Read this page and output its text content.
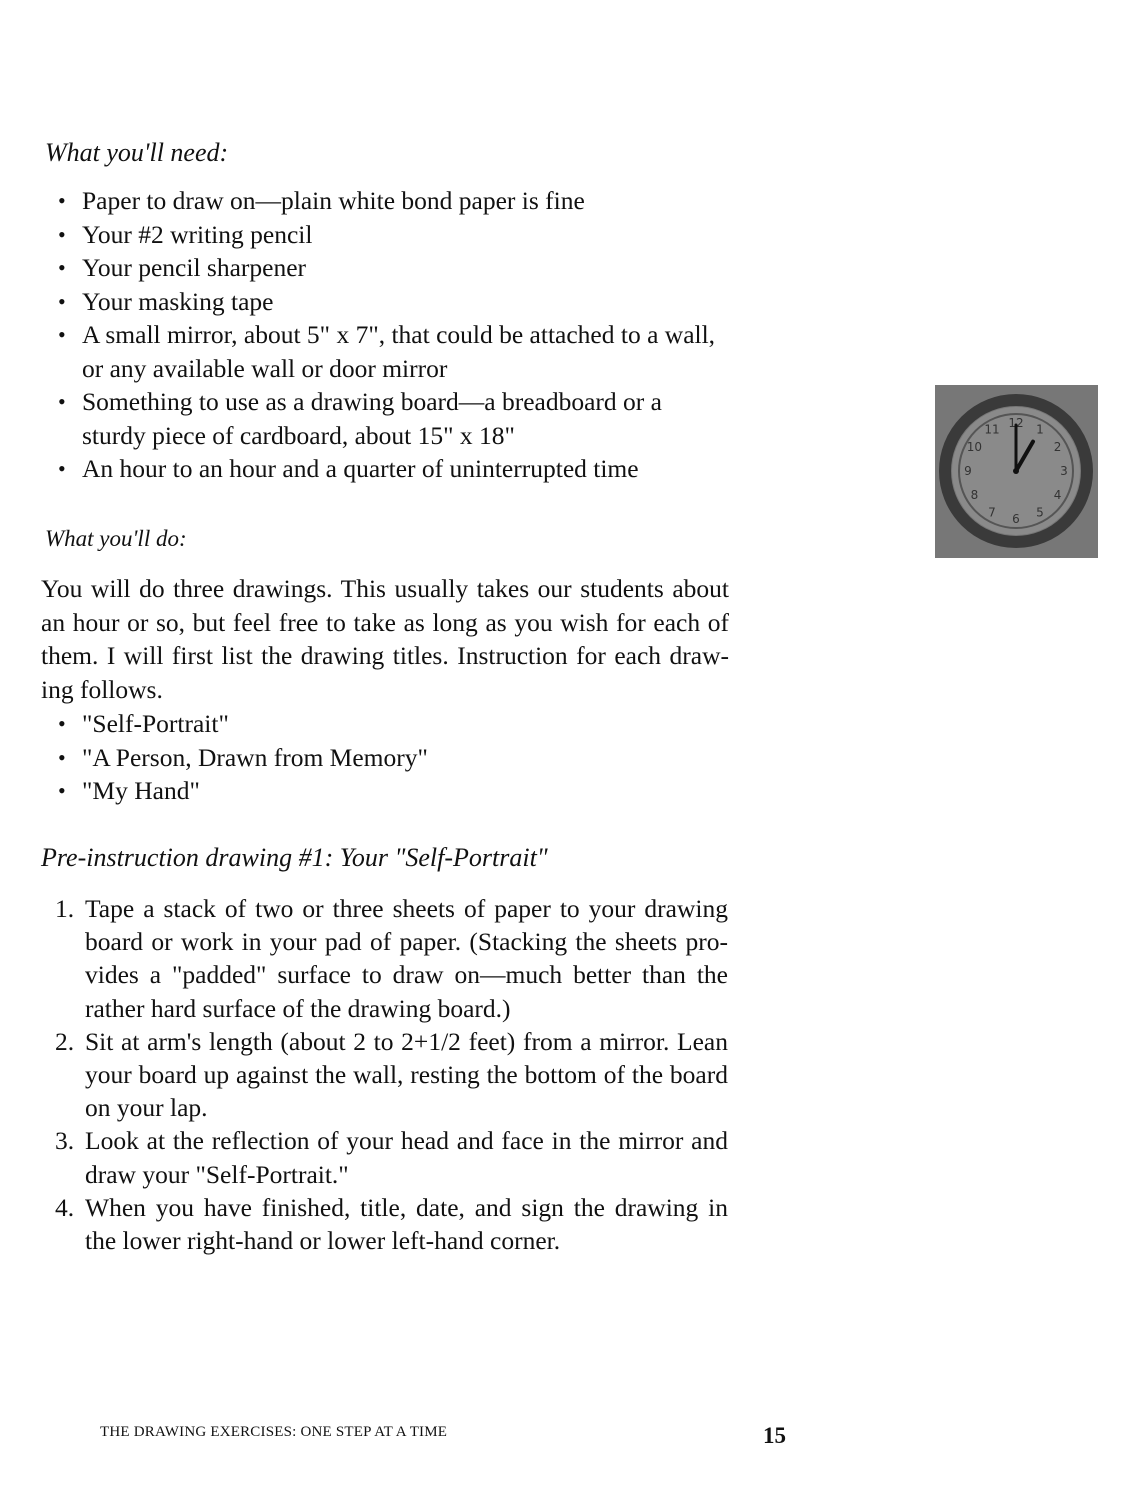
What you'll need:
• Paper to draw on—plain white bond paper is fine
• Your #2 writing pencil
• Your pencil sharpener
• Your masking tape
• A small mirror, about 5" x 7", that could be attached to a wall, or any available wall or door mirror
• Something to use as a drawing board—a breadboard or a sturdy piece of cardboard, about 15" x 18"
• An hour to an hour and a quarter of uninterrupted time
12 1
2
3
4
5
6
7
8
9
10
11
What you'll do:
You will do three drawings. This usually takes our students about an hour or so, but feel free to take as long as you wish for each of them. I will first list the drawing titles. Instruction for each draw-ing follows.
• "Self-Portrait"
• "A Person, Drawn from Memory"
• "My Hand"
Pre-instruction drawing #1: Your "Self-Portrait"
1. Tape a stack of two or three sheets of paper to your drawing board or work in your pad of paper. (Stacking the sheets pro-vides a "padded" surface to draw on—much better than the rather hard surface of the drawing board.)
2. Sit at arm's length (about 2 to 2+1/2 feet) from a mirror. Lean your board up against the wall, resting the bottom of the board on your lap.
3. Look at the reflection of your head and face in the mirror and draw your "Self-Portrait."
4. When you have finished, title, date, and sign the drawing in the lower right-hand or lower left-hand corner.
THE DRAWING EXERCISES: ONE STEP AT A TIME	15
